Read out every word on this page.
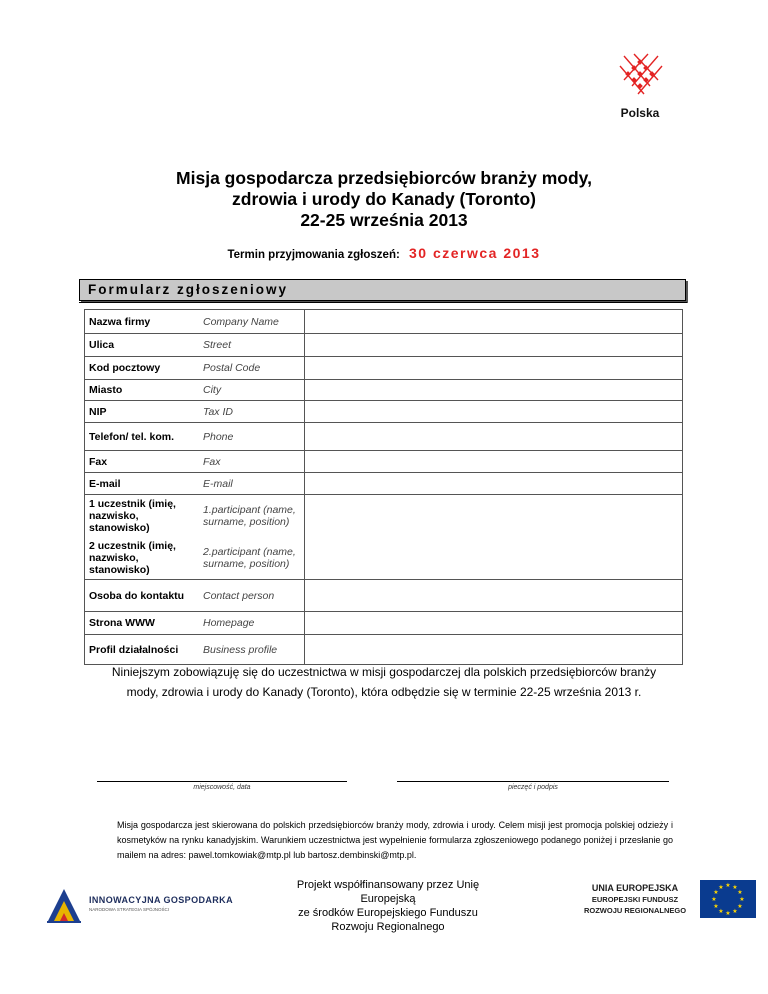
Polska
Misja gospodarcza przedsiębiorców branży mody,
zdrowia i urody do Kanady (Toronto)
22-25 września 2013
Termin przyjmowania zgłoszeń: 30 czerwca 2013
Formularz zgłoszeniowy
Nazwa firmy	Company Name	
Ulica	Street	
Kod pocztowy	Postal Code	
Miasto	City	
NIP	Tax ID	
Telefon/ tel. kom.	Phone	
Fax	Fax	
E-mail	E-mail	
1 uczestnik (imię, nazwisko, stanowisko)	1.participant (name, surname, position)	
2 uczestnik (imię, nazwisko, stanowisko)	2.participant (name, surname, position)	
Osoba do kontaktu	Contact person	
Strona WWW	Homepage	
Profil działalności	Business profile	
Niniejszym zobowiązuję się do uczestnictwa w misji gospodarczej dla polskich przedsiębiorców branży mody, zdrowia i urody do Kanady (Toronto), która odbędzie się w terminie 22-25 września 2013 r.
miejscowość, data	pieczęć i podpis
Misja gospodarcza jest skierowana do polskich przedsiębiorców branży mody, zdrowia i urody. Celem misji jest promocja polskiej odzieży i kosmetyków na rynku kanadyjskim. Warunkiem uczestnictwa jest wypełnienie formularza zgłoszeniowego podanego poniżej i przesłanie go mailem na adres: pawel.tomkowiak@mtp.pl lub bartosz.dembinski@mtp.pl.
INNOWACYJNA GOSPODARKA
NARODOWA STRATEGIA SPÓJNOŚCI
Projekt współfinansowany przez Unię Europejską
ze środków Europejskiego Funduszu
Rozwoju Regionalnego
UNIA EUROPEJSKA
EUROPEJSKI FUNDUSZ
ROZWOJU REGIONALNEGO
★ ★
★
★
★
★
★
★
★
★
★
★
